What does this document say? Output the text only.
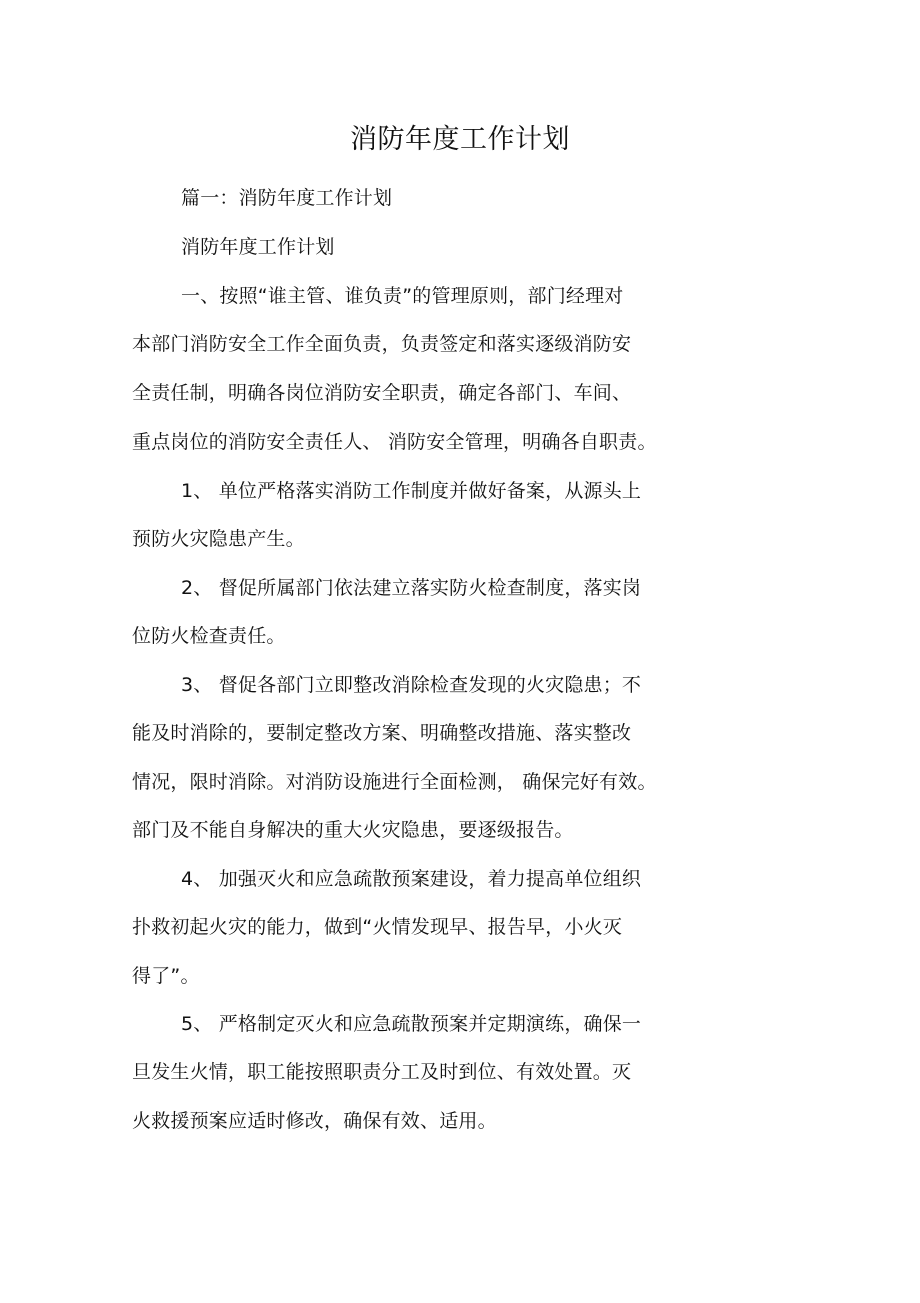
消防年度工作计划
篇一：消防年度工作计划
消防年度工作计划
一、按照“谁主管、谁负责”的管理原则，部门经理对
本部门消防安全工作全面负责，负责签定和落实逐级消防安
全责任制，明确各岗位消防安全职责，确定各部门、车间、
重点岗位的消防安全责任人、 消防安全管理，明确各自职责。
1、 单位严格落实消防工作制度并做好备案，从源头上
预防火灾隐患产生。
2、 督促所属部门依法建立落实防火检查制度，落实岗
位防火检查责任。
3、 督促各部门立即整改消除检查发现的火灾隐患；不
能及时消除的，要制定整改方案、明确整改措施、落实整改
情况，限时消除。对消防设施进行全面检测， 确保完好有效。
部门及不能自身解决的重大火灾隐患，要逐级报告。
4、 加强灭火和应急疏散预案建设，着力提高单位组织
扑救初起火灾的能力，做到“火情发现早、报告早，小火灭
得了”。
5、 严格制定灭火和应急疏散预案并定期演练，确保一
旦发生火情，职工能按照职责分工及时到位、有效处置。灭
火救援预案应适时修改，确保有效、适用。
